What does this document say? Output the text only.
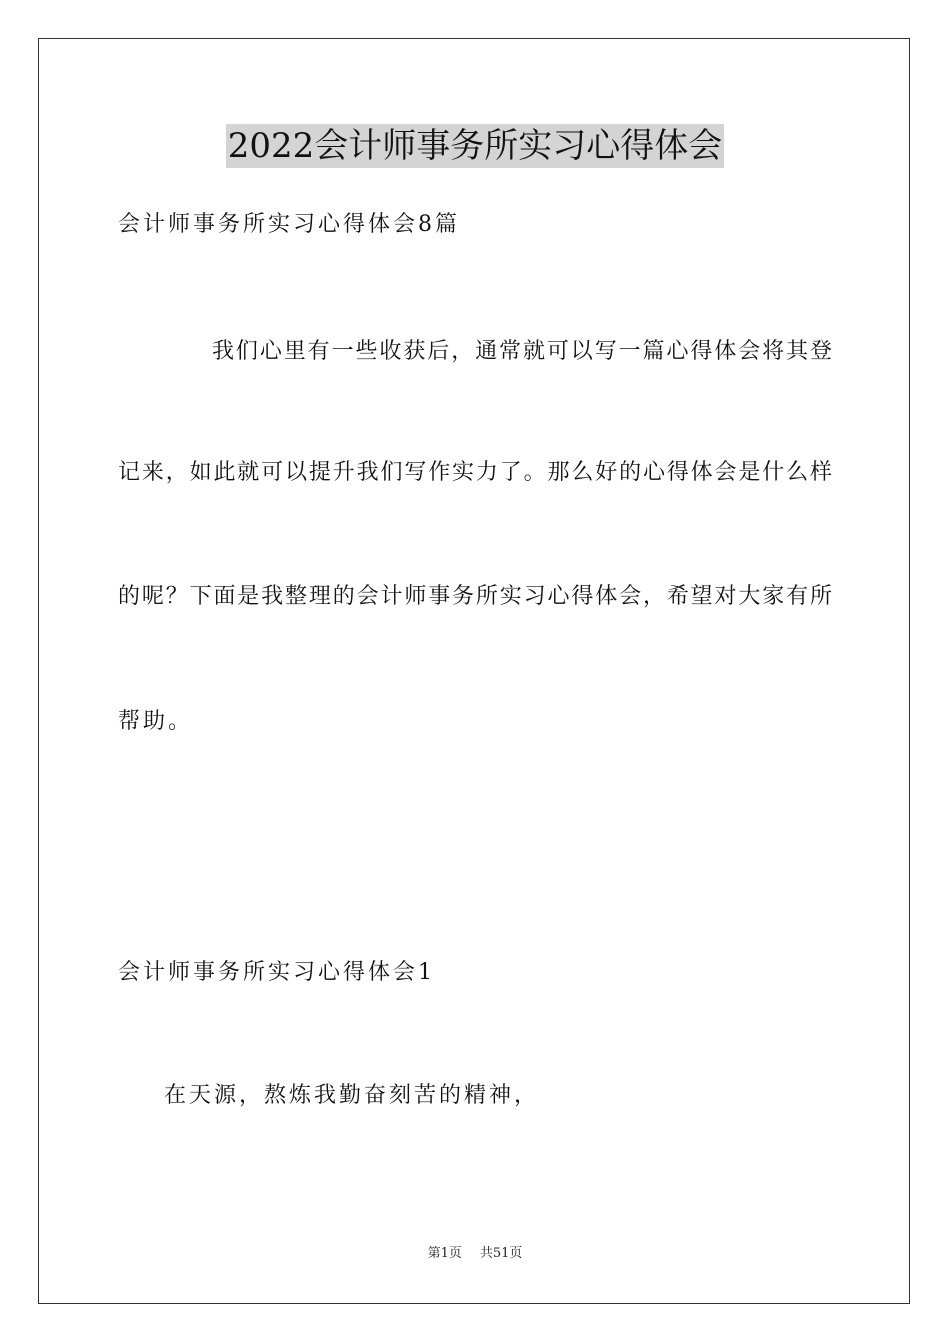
2022会计师事务所实习心得体会
会计师事务所实习心得体会8篇
我们心里有一些收获后，通常就可以写一篇心得体会将其登
记来，如此就可以提升我们写作实力了。那么好的心得体会是什么样
的呢？下面是我整理的会计师事务所实习心得体会，希望对大家有所
帮助。
会计师事务所实习心得体会1
在天源，熬炼我勤奋刻苦的精神，
第1页 共51页
